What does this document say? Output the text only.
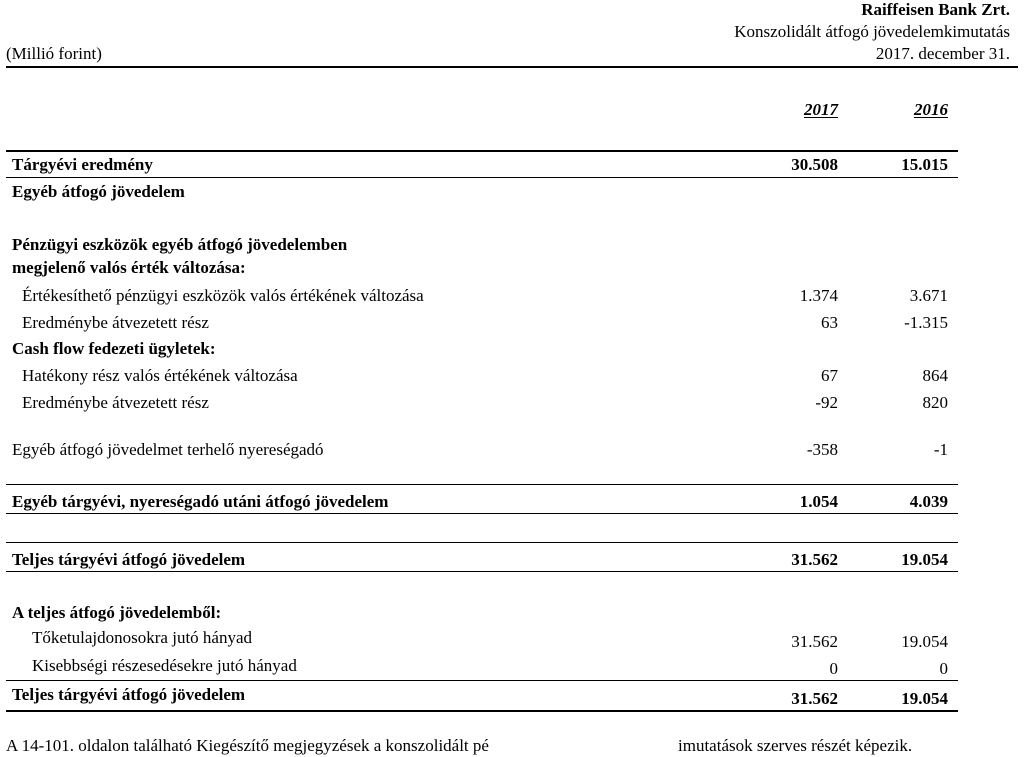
Raiffeisen Bank Zrt.
Konszolidált átfogó jövedelemkimutatás
2017. december 31.
(Millió forint)
2017	2016
Tárgyévi eredmény	30.508	15.015
Egyéb átfogó jövedelem
Pénzügyi eszközök egyéb átfogó jövedelemben
megjelenő valós érték változása:
Értékesíthető pénzügyi eszközök valós értékének változása	1.374	3.671
Eredménybe átvezetett rész	63	-1.315
Cash flow fedezeti ügyletek:
Hatékony rész valós értékének változása	67	864
Eredménybe átvezetett rész	-92	820
Egyéb átfogó jövedelmet terhelő nyereségadó	-358	-1
Egyéb tárgyévi, nyereségadó utáni átfogó jövedelem	1.054	4.039
Teljes tárgyévi átfogó jövedelem	31.562	19.054
A teljes átfogó jövedelemből:
Tőketulajdonosokra jutó hányad	31.562	19.054
Kisebbségi részesedésekre jutó hányad	0	0
Teljes tárgyévi átfogó jövedelem	31.562	19.054
A 14-101. oldalon található Kiegészítő megjegyzések a konszolidált pé	imutatások szerves részét képezik.
